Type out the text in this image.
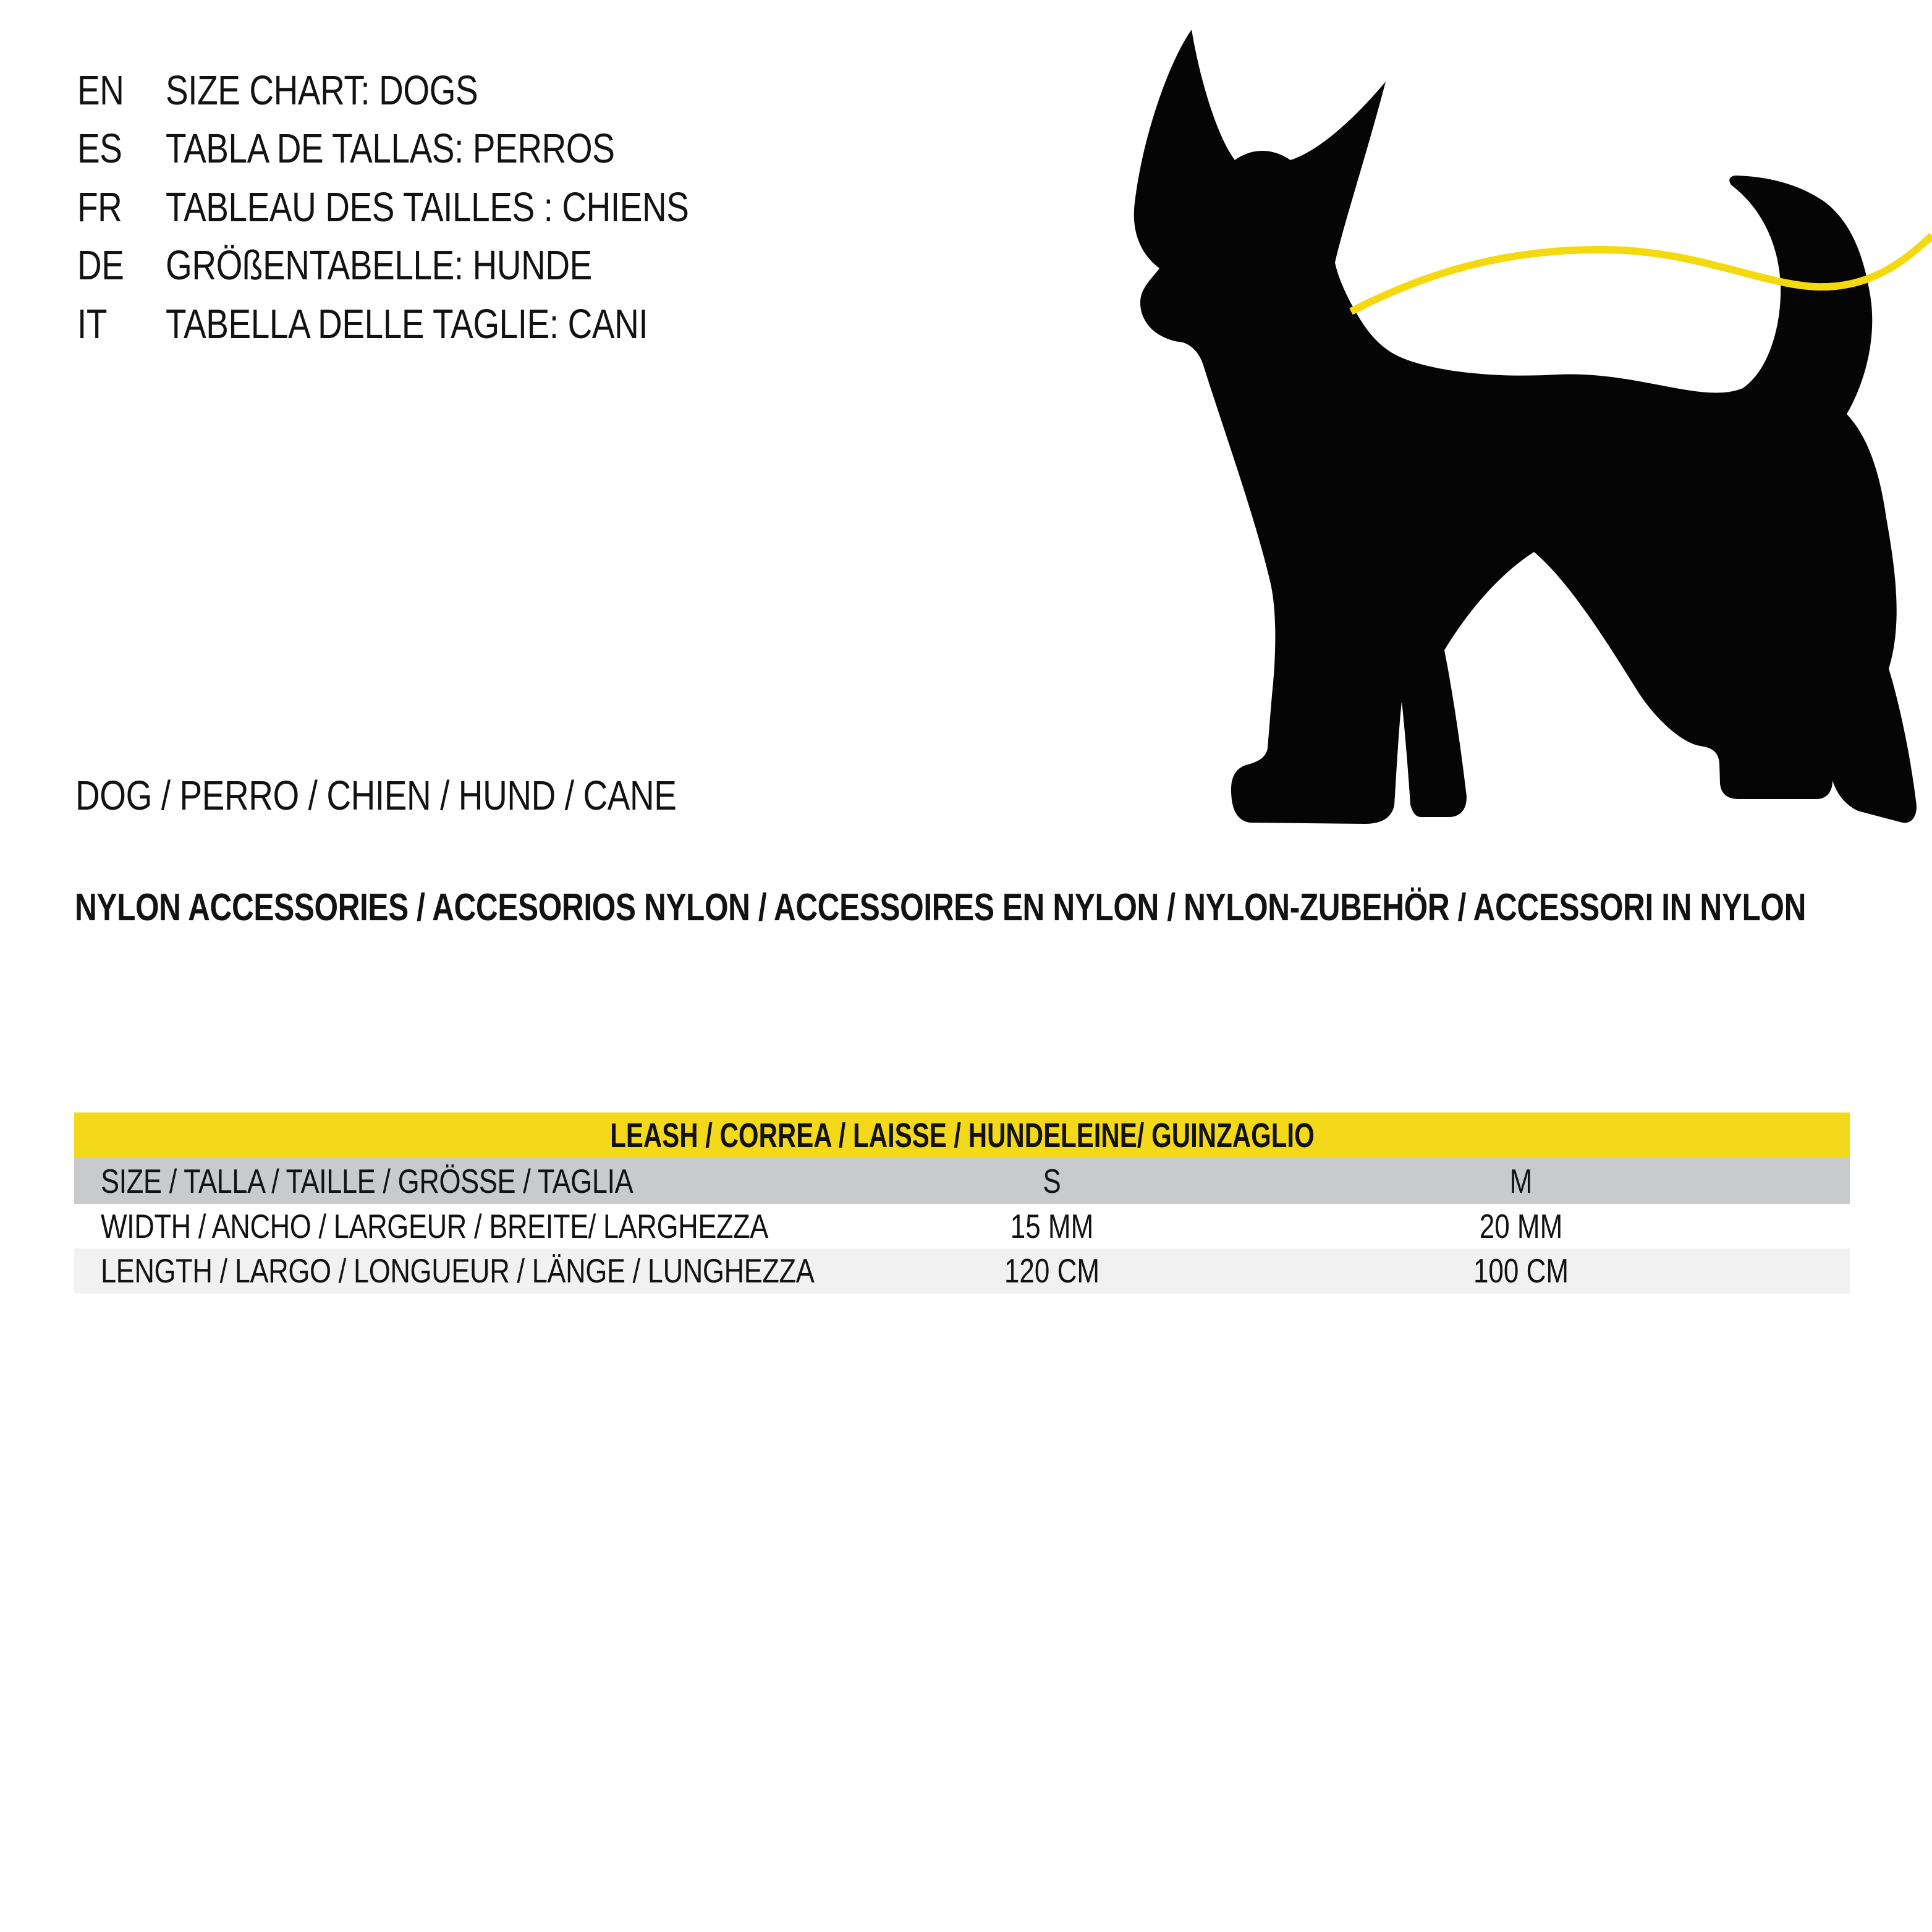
EN	SIZE CHART: DOGS
ES	TABLA DE TALLAS: PERROS
FR	TABLEAU DES TAILLES : CHIENS
DE	GRÖßENTABELLE: HUNDE
IT	TABELLA DELLE TAGLIE: CANI
DOG / PERRO / CHIEN / HUND / CANE
NYLON ACCESSORIES / ACCESORIOS NYLON / ACCESSOIRES EN NYLON / NYLON-ZUBEHÖR / ACCESSORI IN NYLON
LEASH / CORREA / LAISSE / HUNDELEINE/ GUINZAGLIO
SIZE / TALLA / TAILLE / GRÖSSE / TAGLIA	S	M
WIDTH / ANCHO / LARGEUR / BREITE/ LARGHEZZA	15 MM	20 MM
LENGTH / LARGO / LONGUEUR / LÄNGE / LUNGHEZZA	120 CM	100 CM
